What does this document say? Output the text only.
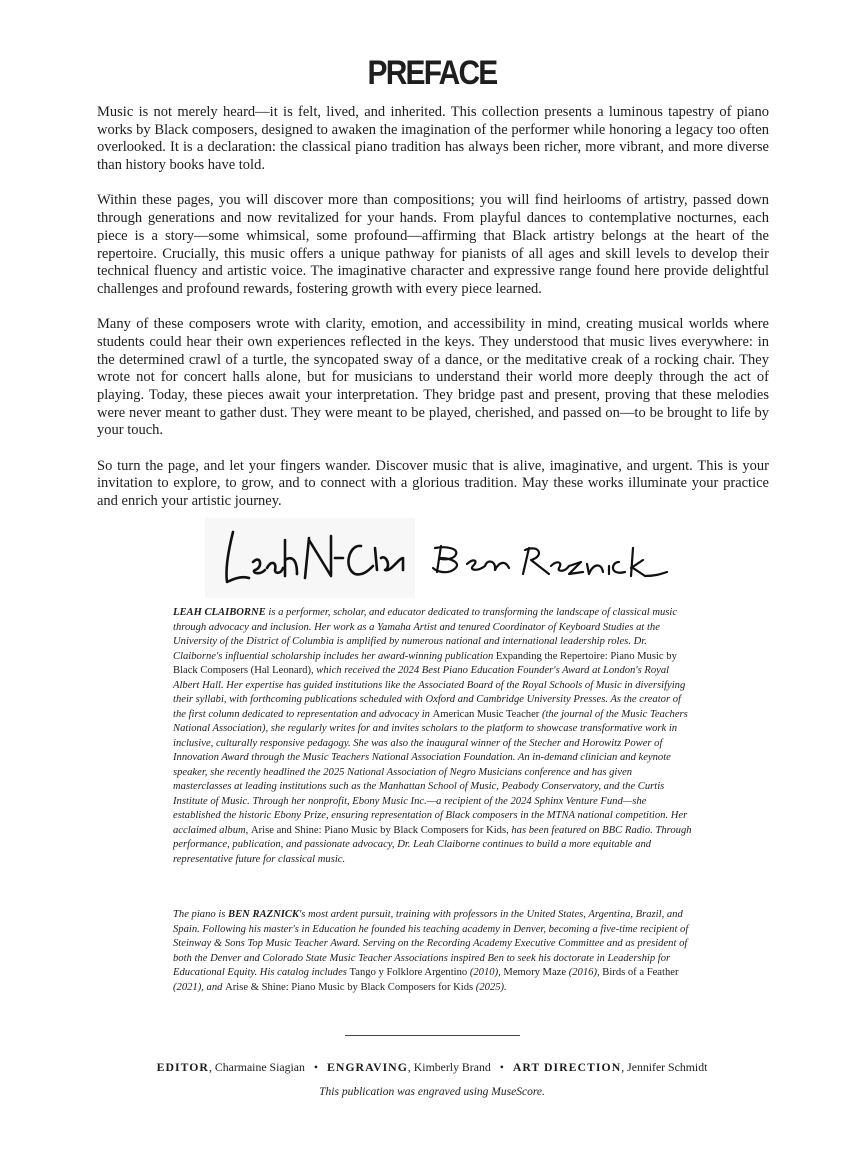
PREFACE

Music is not merely heard—it is felt, lived, and inherited. This collection presents a luminous tapestry of piano works by Black composers, designed to awaken the imagination of the performer while honoring a legacy too often overlooked. It is a declaration: the classical piano tradition has always been richer, more vibrant, and more diverse than history books have told.

Within these pages, you will discover more than compositions; you will find heirlooms of artistry, passed down through generations and now revitalized for your hands. From playful dances to contemplative nocturnes, each piece is a story—some whimsical, some profound—affirming that Black artistry belongs at the heart of the repertoire. Crucially, this music offers a unique pathway for pianists of all ages and skill levels to develop their technical fluency and artistic voice. The imaginative character and expressive range found here provide delightful challenges and profound rewards, fostering growth with every piece learned.

Many of these composers wrote with clarity, emotion, and accessibility in mind, creating musical worlds where students could hear their own experiences reflected in the keys. They understood that music lives everywhere: in the determined crawl of a turtle, the syncopated sway of a dance, or the meditative creak of a rocking chair. They wrote not for concert halls alone, but for musicians to understand their world more deeply through the act of playing. Today, these pieces await your interpretation. They bridge past and present, proving that these melodies were never meant to gather dust. They were meant to be played, cherished, and passed on—to be brought to life by your touch.

So turn the page, and let your fingers wander. Discover music that is alive, imaginative, and urgent. This is your invitation to explore, to grow, and to connect with a glorious tradition. May these works illuminate your practice and enrich your artistic journey.

LEAH CLAIBORNE is a performer, scholar, and educator dedicated to transforming the landscape of classical music through advocacy and inclusion. Her work as a Yamaha Artist and tenured Coordinator of Keyboard Studies at the University of the District of Columbia is amplified by numerous national and international leadership roles. Dr. Claiborne's influential scholarship includes her award-winning publication Expanding the Repertoire: Piano Music by Black Composers (Hal Leonard), which received the 2024 Best Piano Education Founder's Award at London's Royal Albert Hall. Her expertise has guided institutions like the Associated Board of the Royal Schools of Music in diversifying their syllabi, with forthcoming publications scheduled with Oxford and Cambridge University Presses. As the creator of the first column dedicated to representation and advocacy in American Music Teacher (the journal of the Music Teachers National Association), she regularly writes for and invites scholars to the platform to showcase transformative work in inclusive, culturally responsive pedagogy. She was also the inaugural winner of the Stecher and Horowitz Power of Innovation Award through the Music Teachers National Association Foundation. An in-demand clinician and keynote speaker, she recently headlined the 2025 National Association of Negro Musicians conference and has given masterclasses at leading institutions such as the Manhattan School of Music, Peabody Conservatory, and the Curtis Institute of Music. Through her nonprofit, Ebony Music Inc.—a recipient of the 2024 Sphinx Venture Fund—she established the historic Ebony Prize, ensuring representation of Black composers in the MTNA national competition. Her acclaimed album, Arise and Shine: Piano Music by Black Composers for Kids, has been featured on BBC Radio. Through performance, publication, and passionate advocacy, Dr. Leah Claiborne continues to build a more equitable and representative future for classical music.

The piano is BEN RAZNICK's most ardent pursuit, training with professors in the United States, Argentina, Brazil, and Spain. Following his master's in Education he founded his teaching academy in Denver, becoming a five-time recipient of Steinway & Sons Top Music Teacher Award. Serving on the Recording Academy Executive Committee and as president of both the Denver and Colorado State Music Teacher Associations inspired Ben to seek his doctorate in Leadership for Educational Equity. His catalog includes Tango y Folklore Argentino (2010), Memory Maze (2016), Birds of a Feather (2021), and Arise & Shine: Piano Music by Black Composers for Kids (2025).

EDITOR, Charmaine Siagian • ENGRAVING, Kimberly Brand • ART DIRECTION, Jennifer Schmidt
This publication was engraved using MuseScore.
